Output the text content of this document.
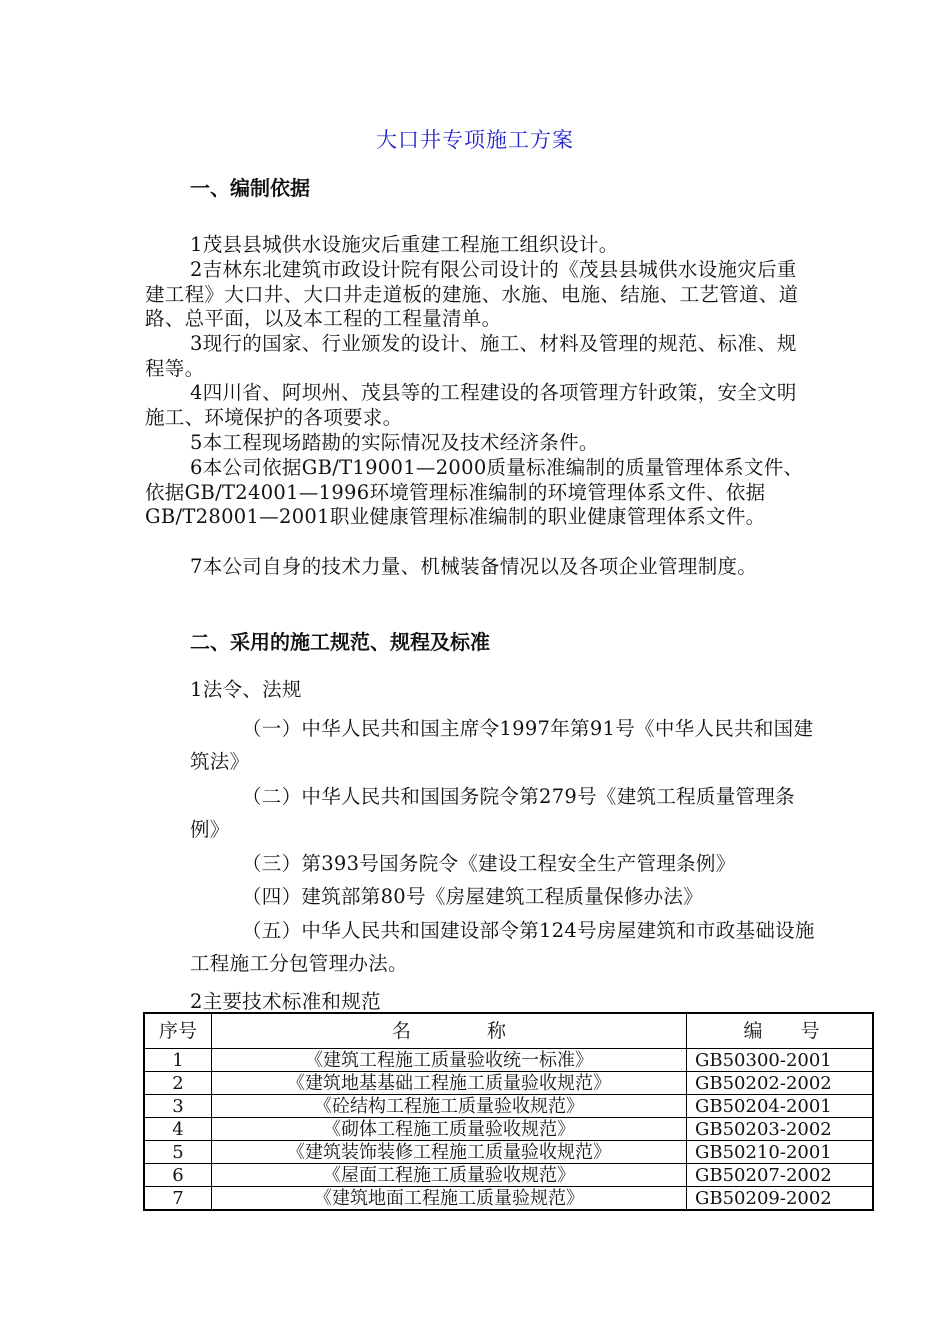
大口井专项施工方案
一、编制依据
1茂县县城供水设施灾后重建工程施工组织设计。
2吉林东北建筑市政设计院有限公司设计的《茂县县城供水设施灾后重建工程》大口井、大口井走道板的建施、水施、电施、结施、工艺管道、道路、总平面，以及本工程的工程量清单。
3现行的国家、行业颁发的设计、施工、材料及管理的规范、标准、规程等。
4四川省、阿坝州、茂县等的工程建设的各项管理方针政策，安全文明施工、环境保护的各项要求。
5本工程现场踏勘的实际情况及技术经济条件。
6本公司依据GB/T19001—2000质量标准编制的质量管理体系文件、依据GB/T24001—1996环境管理标准编制的环境管理体系文件、依据GB/T28001—2001职业健康管理标准编制的职业健康管理体系文件。
7本公司自身的技术力量、机械装备情况以及各项企业管理制度。
二、采用的施工规范、规程及标准
1法令、法规
（一）中华人民共和国主席令1997年第91号《中华人民共和国建筑法》
（二）中华人民共和国国务院令第279号《建筑工程质量管理条例》
（三）第393号国务院令《建设工程安全生产管理条例》
（四）建筑部第80号《房屋建筑工程质量保修办法》
（五）中华人民共和国建设部令第124号房屋建筑和市政基础设施工程施工分包管理办法。
2主要技术标准和规范
序号	名　　　　称	编　　号
1	《建筑工程施工质量验收统一标准》	GB50300-2001
2	《建筑地基基础工程施工质量验收规范》	GB50202-2002
3	《砼结构工程施工质量验收规范》	GB50204-2001
4	《砌体工程施工质量验收规范》	GB50203-2002
5	《建筑装饰装修工程施工质量验收规范》	GB50210-2001
6	《屋面工程施工质量验收规范》	GB50207-2002
7	《建筑地面工程施工质量验规范》	GB50209-2002
